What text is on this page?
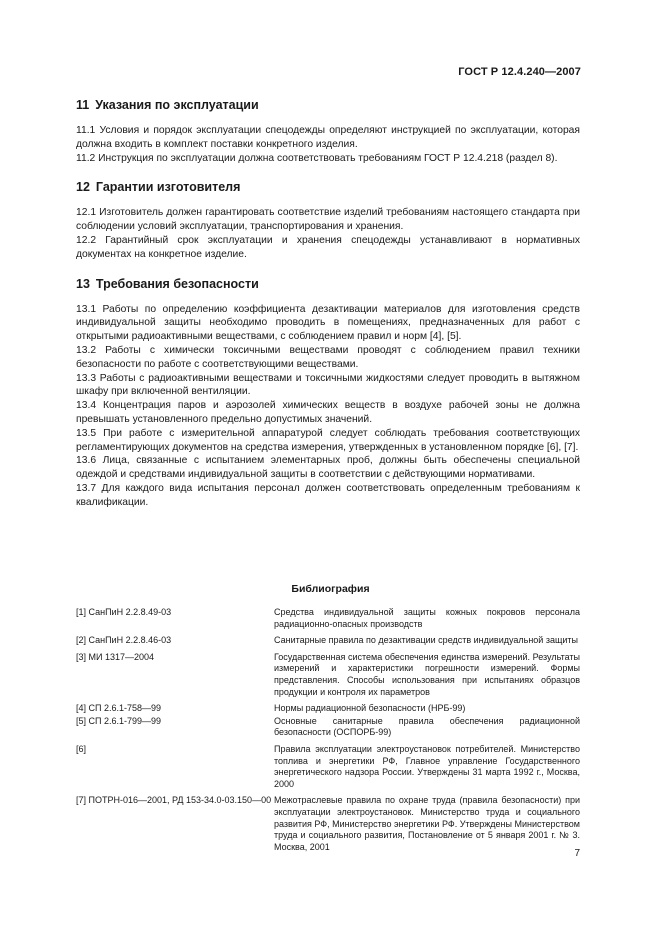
ГОСТ Р 12.4.240—2007
11 Указания по эксплуатации

11.1 Условия и порядок эксплуатации спецодежды определяют инструкцией по эксплуатации, которая должна входить в комплект поставки конкретного изделия.

11.2 Инструкция по эксплуатации должна соответствовать требованиям ГОСТ Р 12.4.218 (раздел 8).

12 Гарантии изготовителя

12.1 Изготовитель должен гарантировать соответствие изделий требованиям настоящего стандарта при соблюдении условий эксплуатации, транспортирования и хранения.

12.2 Гарантийный срок эксплуатации и хранения спецодежды устанавливают в нормативных документах на конкретное изделие.

13 Требования безопасности

13.1 Работы по определению коэффициента дезактивации материалов для изготовления средств индивидуальной защиты необходимо проводить в помещениях, предназначенных для работ с открытыми радиоактивными веществами, с соблюдением правил и норм [4], [5].

13.2 Работы с химически токсичными веществами проводят с соблюдением правил техники безопасности по работе с соответствующими веществами.

13.3 Работы с радиоактивными веществами и токсичными жидкостями следует проводить в вытяжном шкафу при включенной вентиляции.

13.4 Концентрация паров и аэрозолей химических веществ в воздухе рабочей зоны не должна превышать установленного предельно допустимых значений.

13.5 При работе с измерительной аппаратурой следует соблюдать требования соответствующих регламентирующих документов на средства измерения, утвержденных в установленном порядке [6], [7].

13.6 Лица, связанные с испытанием элементарных проб, должны быть обеспечены специальной одеждой и средствами индивидуальной защиты в соответствии с действующими нормативами.

13.7 Для каждого вида испытания персонал должен соответствовать определенным требованиям к квалификации.

Библиография
[1] СанПиН 2.2.8.49-03	Средства индивидуальной защиты кожных покровов персонала радиационно-опасных производств
[2] СанПиН 2.2.8.46-03	Санитарные правила по дезактивации средств индивидуальной защиты
[3] МИ 1317—2004	Государственная система обеспечения единства измерений. Результаты измерений и характеристики погрешности измерений. Формы представления. Способы использования при испытаниях образцов продукции и контроля их параметров
[4] СП 2.6.1-758—99	Нормы радиационной безопасности (НРБ-99)
[5] СП 2.6.1-799—99	Основные санитарные правила обеспечения радиационной безопасности (ОСПОРБ-99)
[6]	Правила эксплуатации электроустановок потребителей. Министерство топлива и энергетики РФ, Главное управление Государственного энергетического надзора России. Утверждены 31 марта 1992 г., Москва, 2000
[7] ПОТРН-016—2001, РД 153-34.0-03.150—00 Межотраслевые правила по охране труда (правила безопасности) при эксплуатации электроустановок. Министерство труда и социального развития РФ, Министерство энергетики РФ. Утверждены Министерством труда и социального развития, Постановление от 5 января 2001 г. № 3. Москва, 2001
7
